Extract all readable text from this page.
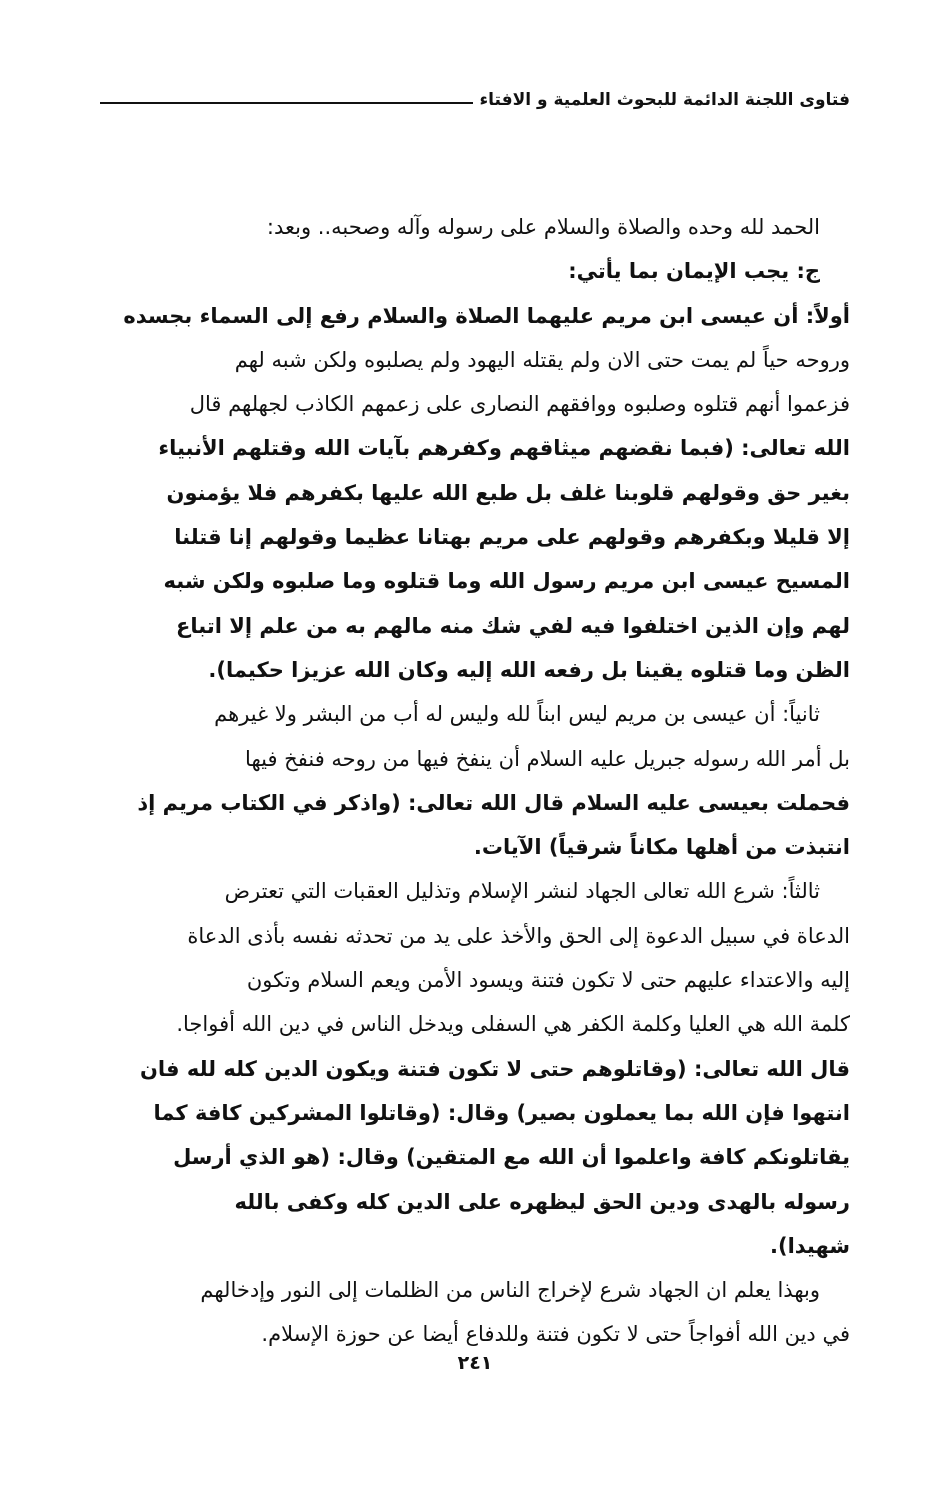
فتاوى اللجنة الدائمة للبحوث العلمية و الافتاء
الحمد لله وحده والصلاة والسلام على رسوله وآله وصحبه.. وبعد:
ج: يجب الإيمان بما يأتي:
أولاً: أن عيسى ابن مريم عليهما الصلاة والسلام رفع إلى السماء بجسده
وروحه حياً لم يمت حتى الان ولم يقتله اليهود ولم يصلبوه ولكن شبه لهم
فزعموا أنهم قتلوه وصلبوه ووافقهم النصارى على زعمهم الكاذب لجهلهم قال
الله تعالى: (فبما نقضهم ميثاقهم وكفرهم بآيات الله وقتلهم الأنبياء
بغير حق وقولهم قلوبنا غلف بل طبع الله عليها بكفرهم فلا يؤمنون
إلا قليلا وبكفرهم وقولهم على مريم بهتانا عظيما وقولهم إنا قتلنا
المسيح عيسى ابن مريم رسول الله وما قتلوه وما صلبوه ولكن شبه
لهم وإن الذين اختلفوا فيه لفي شك منه مالهم به من علم إلا اتباع
الظن وما قتلوه يقينا بل رفعه الله إليه وكان الله عزيزا حكيما).
ثانياً: أن عيسى بن مريم ليس ابناً لله وليس له أب من البشر ولا غيرهم
بل أمر الله رسوله جبريل عليه السلام أن ينفخ فيها من روحه فنفخ فيها
فحملت بعيسى عليه السلام قال الله تعالى: (واذكر في الكتاب مريم إذ
انتبذت من أهلها مكاناً شرقياً) الآيات.
ثالثاً: شرع الله تعالى الجهاد لنشر الإسلام وتذليل العقبات التي تعترض
الدعاة في سبيل الدعوة إلى الحق والأخذ على يد من تحدثه نفسه بأذى الدعاة
إليه والاعتداء عليهم حتى لا تكون فتنة ويسود الأمن ويعم السلام وتكون
كلمة الله هي العليا وكلمة الكفر هي السفلى ويدخل الناس في دين الله أفواجا.
قال الله تعالى: (وقاتلوهم حتى لا تكون فتنة ويكون الدين كله لله فان
انتهوا فإن الله بما يعملون بصير) وقال: (وقاتلوا المشركين كافة كما
يقاتلونكم كافة واعلموا أن الله مع المتقين) وقال: (هو الذي أرسل
رسوله بالهدى ودين الحق ليظهره على الدين كله وكفى بالله
شهيدا).
وبهذا يعلم ان الجهاد شرع لإخراج الناس من الظلمات إلى النور وإدخالهم
في دين الله أفواجاً حتى لا تكون فتنة وللدفاع أيضا عن حوزة الإسلام.
٢٤١
